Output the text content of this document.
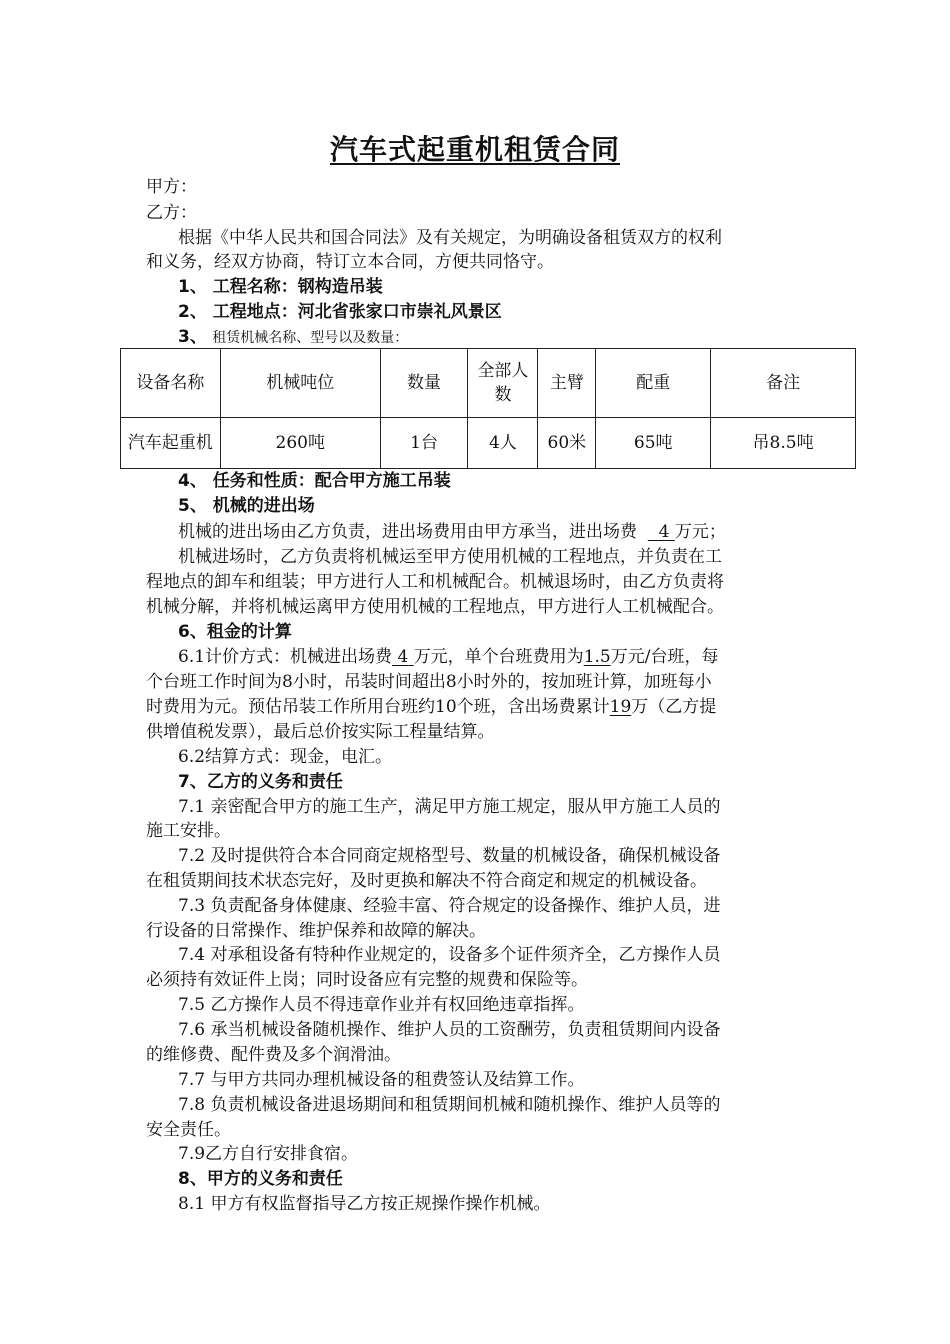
汽车式起重机租赁合同
甲方：
乙方：
根据《中华人民共和国合同法》及有关规定，为明确设备租赁双方的权利
和义务，经双方协商，特订立本合同，方便共同恪守。
1、 工程名称：钢构造吊装
2、 工程地点：河北省张家口市崇礼风景区
3、 租赁机械名称、型号以及数量：
设备名称	机械吨位	数量	全部人数	主臂	配重	备注
汽车起重机	260吨	1台	4人	60米	65吨	吊8.5吨
4、 任务和性质：配合甲方施工吊装
5、 机械的进出场
机械的进出场由乙方负责，进出场费用由甲方承当，进出场费 4 万元；
机械进场时，乙方负责将机械运至甲方使用机械的工程地点，并负责在工
程地点的卸车和组装；甲方进行人工和机械配合。机械退场时，由乙方负责将
机械分解，并将机械运离甲方使用机械的工程地点，甲方进行人工机械配合。
6、租金的计算
6.1计价方式：机械进出场费 4 万元，单个台班费用为1.5万元/台班，每
个台班工作时间为8小时，吊装时间超出8小时外的，按加班计算，加班每小
时费用为元。预估吊装工作所用台班约10个班，含出场费累计19万（乙方提
供增值税发票），最后总价按实际工程量结算。
6.2结算方式：现金，电汇。
7、乙方的义务和责任
7.1 亲密配合甲方的施工生产，满足甲方施工规定，服从甲方施工人员的
施工安排。
7.2 及时提供符合本合同商定规格型号、数量的机械设备，确保机械设备
在租赁期间技术状态完好，及时更换和解决不符合商定和规定的机械设备。
7.3 负责配备身体健康、经验丰富、符合规定的设备操作、维护人员，进
行设备的日常操作、维护保养和故障的解决。
7.4 对承租设备有特种作业规定的，设备多个证件须齐全，乙方操作人员
必须持有效证件上岗；同时设备应有完整的规费和保险等。
7.5 乙方操作人员不得违章作业并有权回绝违章指挥。
7.6 承当机械设备随机操作、维护人员的工资酬劳，负责租赁期间内设备
的维修费、配件费及多个润滑油。
7.7 与甲方共同办理机械设备的租费签认及结算工作。
7.8 负责机械设备进退场期间和租赁期间机械和随机操作、维护人员等的
安全责任。
7.9乙方自行安排食宿。
8、甲方的义务和责任
8.1 甲方有权监督指导乙方按正规操作操作机械。
